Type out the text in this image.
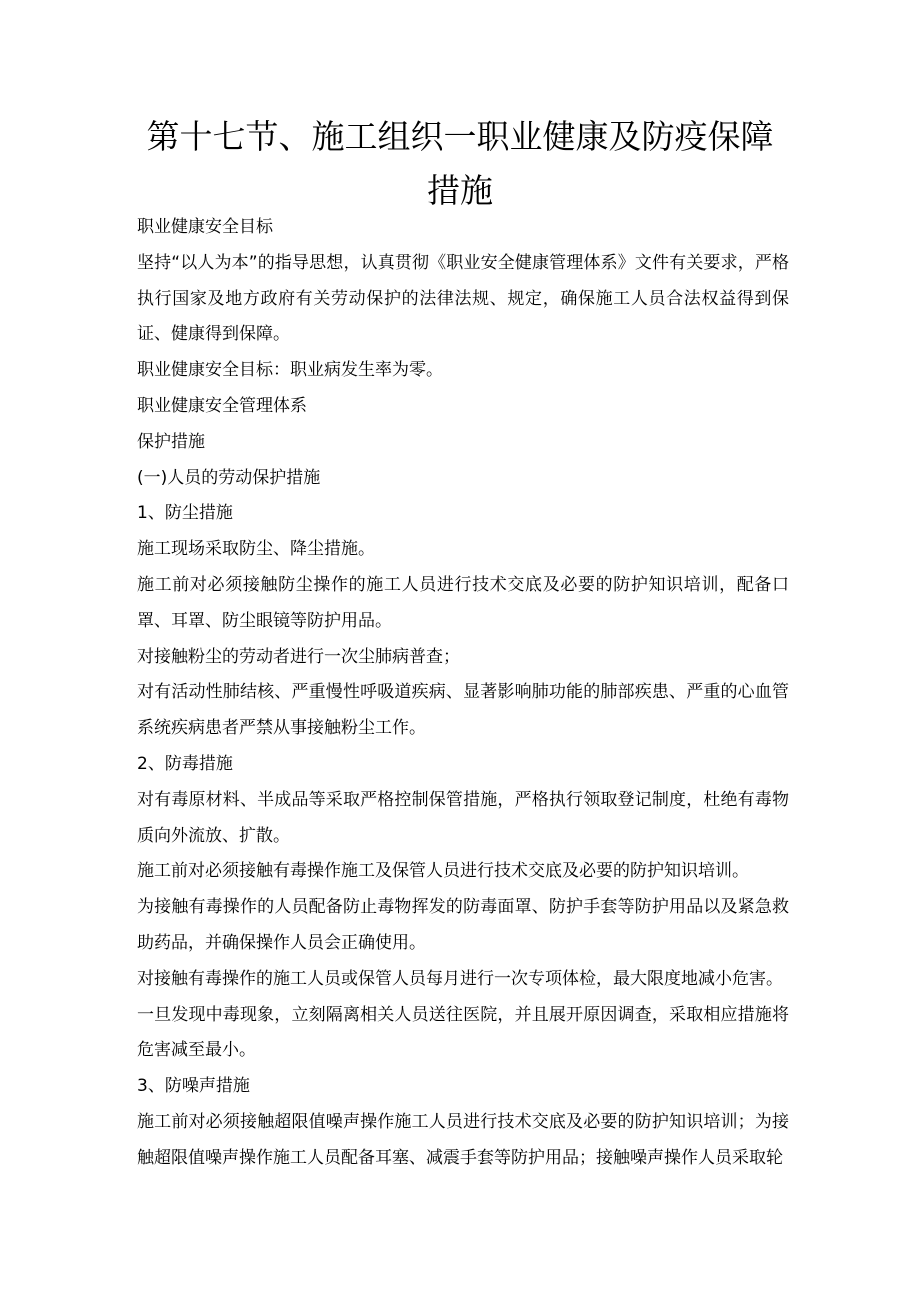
第十七节、施工组织一职业健康及防疫保障措施

职业健康安全目标

坚持“以人为本”的指导思想，认真贯彻《职业安全健康管理体系》文件有关要求，严格执行国家及地方政府有关劳动保护的法律法规、规定，确保施工人员合法权益得到保证、健康得到保障。

职业健康安全目标：职业病发生率为零。

职业健康安全管理体系

保护措施

(一)人员的劳动保护措施

1、防尘措施

施工现场采取防尘、降尘措施。

施工前对必须接触防尘操作的施工人员进行技术交底及必要的防护知识培训，配备口罩、耳罩、防尘眼镜等防护用品。

对接触粉尘的劳动者进行一次尘肺病普查；

对有活动性肺结核、严重慢性呼吸道疾病、显著影响肺功能的肺部疾患、严重的心血管系统疾病患者严禁从事接触粉尘工作。

2、防毒措施

对有毒原材料、半成品等采取严格控制保管措施，严格执行领取登记制度，杜绝有毒物质向外流放、扩散。

施工前对必须接触有毒操作施工及保管人员进行技术交底及必要的防护知识培训。

为接触有毒操作的人员配备防止毒物挥发的防毒面罩、防护手套等防护用品以及紧急救助药品，并确保操作人员会正确使用。

对接触有毒操作的施工人员或保管人员每月进行一次专项体检，最大限度地减小危害。

一旦发现中毒现象，立刻隔离相关人员送往医院，并且展开原因调查，采取相应措施将危害减至最小。

3、防噪声措施

施工前对必须接触超限值噪声操作施工人员进行技术交底及必要的防护知识培训；为接触超限值噪声操作施工人员配备耳塞、减震手套等防护用品；接触噪声操作人员采取轮
